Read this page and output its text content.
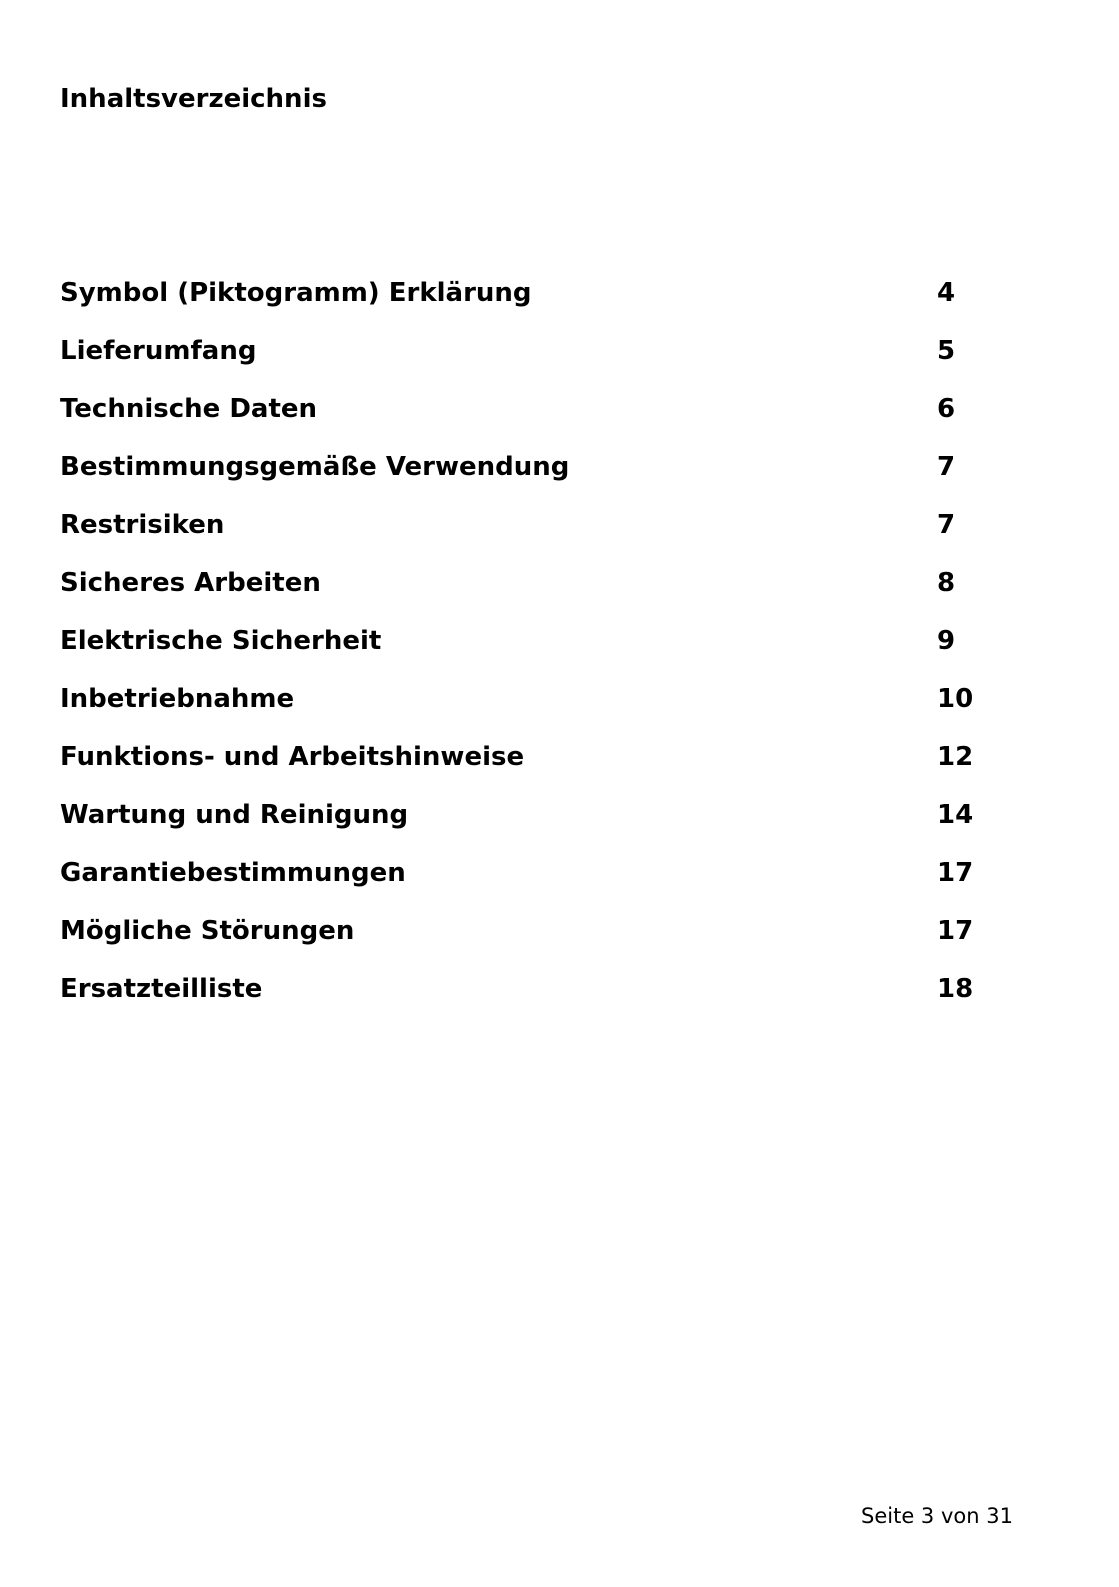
Inhaltsverzeichnis
Symbol (Piktogramm) Erklärung	4
Lieferumfang	5
Technische Daten	6
Bestimmungsgemäße Verwendung	7
Restrisiken	7
Sicheres Arbeiten	8
Elektrische Sicherheit	9
Inbetriebnahme	10
Funktions- und Arbeitshinweise	12
Wartung und Reinigung	14
Garantiebestimmungen	17
Mögliche Störungen	17
Ersatzteilliste	18
Seite 3 von 31
